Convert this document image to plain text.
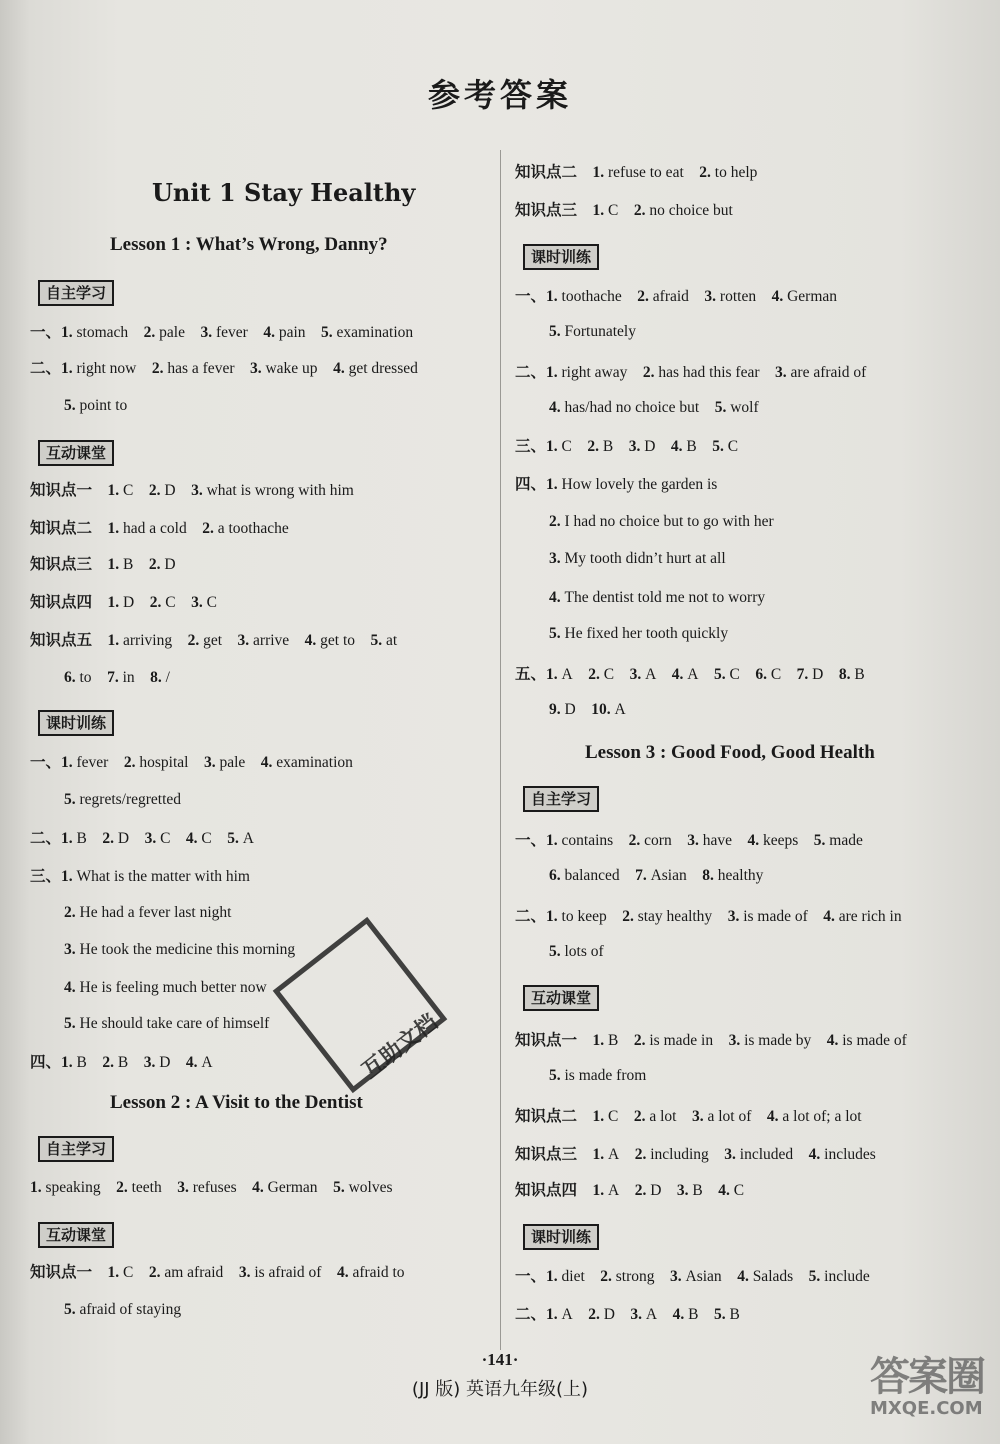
参考答案
Unit 1 Stay Healthy
Lesson 1 : What’s Wrong, Danny?
自主学习
一、1. stomach  2. pale  3. fever  4. pain  5. examination
二、1. right now  2. has a fever  3. wake up  4. get dressed
5. point to
互动课堂
知识点一  1. C  2. D  3. what is wrong with him
知识点二  1. had a cold  2. a toothache
知识点三  1. B  2. D
知识点四  1. D  2. C  3. C
知识点五  1. arriving  2. get  3. arrive  4. get to  5. at
6. to  7. in  8. /
课时训练
一、1. fever  2. hospital  3. pale  4. examination
5. regrets/regretted
二、1. B  2. D  3. C  4. C  5. A
三、1. What is the matter with him
2. He had a fever last night
3. He took the medicine this morning
4. He is feeling much better now
5. He should take care of himself
四、1. B  2. B  3. D  4. A
Lesson 2 : A Visit to the Dentist
自主学习
1. speaking  2. teeth  3. refuses  4. German  5. wolves
互动课堂
知识点一  1. C  2. am afraid  3. is afraid of  4. afraid to
5. afraid of staying
知识点二  1. refuse to eat  2. to help
知识点三  1. C  2. no choice but
课时训练
一、1. toothache  2. afraid  3. rotten  4. German
5. Fortunately
二、1. right away  2. has had this fear  3. are afraid of
4. has/had no choice but  5. wolf
三、1. C  2. B  3. D  4. B  5. C
四、1. How lovely the garden is
2. I had no choice but to go with her
3. My tooth didn’t hurt at all
4. The dentist told me not to worry
5. He fixed her tooth quickly
五、1. A  2. C  3. A  4. A  5. C  6. C  7. D  8. B
9. D  10. A
Lesson 3 : Good Food, Good Health
自主学习
一、1. contains  2. corn  3. have  4. keeps  5. made
6. balanced  7. Asian  8. healthy
二、1. to keep  2. stay healthy  3. is made of  4. are rich in
5. lots of
互动课堂
知识点一  1. B  2. is made in  3. is made by  4. is made of
5. is made from
知识点二  1. C  2. a lot  3. a lot of  4. a lot of; a lot
知识点三  1. A  2. including  3. included  4. includes
知识点四  1. A  2. D  3. B  4. C
课时训练
一、1. diet  2. strong  3. Asian  4. Salads  5. include
二、1. A  2. D  3. A  4. B  5. B
互助文档
·141·
(JJ 版) 英语九年级(上)	答案圈
MXQE.COM
